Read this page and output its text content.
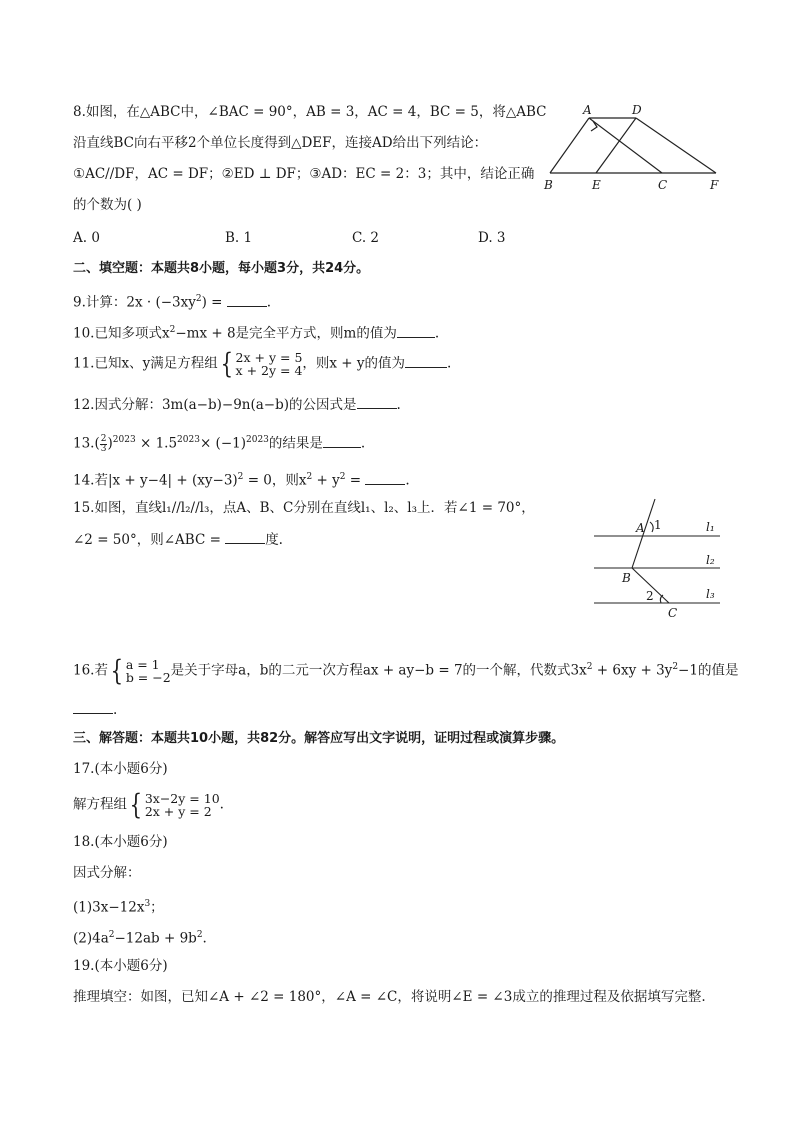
8.如图，在△ABC中，∠BAC = 90°，AB = 3，AC = 4，BC = 5，将△ABC
沿直线BC向右平移2个单位长度得到△DEF，连接AD给出下列结论：
①AC//DF，AC = DF；②ED ⊥ DF；③AD：EC = 2：3；其中，结论正确
的个数为( )
A. 0	B. 1	C. 2	D. 3
A	D
B	E	C	F
二、填空题：本题共8小题，每小题3分，共24分。
9.计算：$2x \cdot (-3xy^2)$ =	.
10.已知多项式$x^2-mx + 8$是完全平方式，则m的值为	.
11.已知x、y满足方程组 { 2x + y = 5
x + 2y = 4 ，则x + y的值为	.
12.因式分解：3m(a−b)−9n(a−b)的公因式是	.
$13.( \frac{2}{3} )^{2023} \times 1.5^{2023}\times (-1)^{2023}$的结果是	.
14.若$|x + y-4| + (xy-3)^2 = 0$，则$x^2 + y^2$ =	.
15.如图，直线l₁//l₂//l₃，点A、B、C分别在直线l₁、l₂、l₃上．若∠1 = 70°，
∠2 = 50°，则∠ABC =	度.
A 1	l₁
l₂
B
2	l₃
C
16.若 { a = 1
b = −2 是关于字母a，b的二元一次方程ax + ay−b = 7的一个解，代数式$3x^2 + 6xy + 3y^2-1$的值是
.
三、解答题：本题共10小题，共82分。解答应写出文字说明，证明过程或演算步骤。
17.(本小题6分)
解方程组 { 3x−2y = 10
2x + y = 2 .
18.(本小题6分)
因式分解：
$(1)3x-12x^3$；
$(2)4a^2-12ab + 9b^2$.
19.(本小题6分)
推理填空：如图，已知∠A + ∠2 = 180°，∠A = ∠C，将说明∠E = ∠3成立的推理过程及依据填写完整.
